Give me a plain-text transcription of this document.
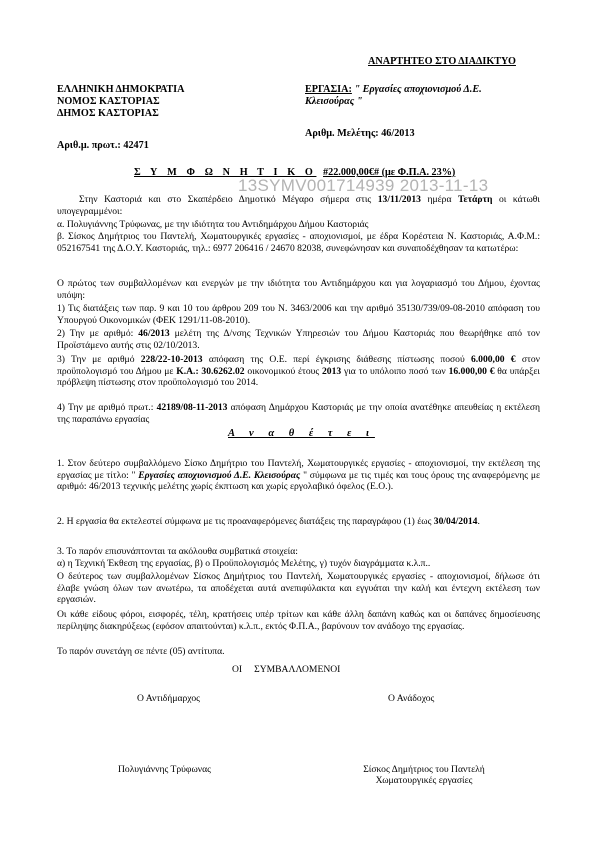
ΑΝΑΡΤΗΤΕΟ ΣΤΟ ΔΙΑΔΙΚΤΥΟ
ΕΛΛΗΝΙΚΗ ΔΗΜΟΚΡΑΤΙΑ
ΝΟΜΟΣ ΚΑΣΤΟΡΙΑΣ
ΔΗΜΟΣ ΚΑΣΤΟΡΙΑΣ
Αριθ.μ. πρωτ.: 42471
ΕΡΓΑΣΙΑ: " Εργασίες αποχιονισμού Δ.Ε.
Κλεισούρας "
Αριθμ. Μελέτης: 46/2013
Σ Υ Μ Φ Ω Ν Η Τ Ι Κ Ο #22.000,00€# (με Φ.Π.Α. 23%)
13SYMV001714939 2013-11-13
Στην Καστοριά και στο Σκαπέρδειο Δημοτικό Μέγαρο σήμερα στις 13/11/2013 ημέρα Τετάρτη οι κάτωθι υπογεγραμμένοι:
α. Πολυγιάννης Τρύφωνας, με την ιδιότητα του Αντιδημάρχου Δήμου Καστοριάς
β. Σίσκος Δημήτριος του Παντελή, Χωματουργικές εργασίες - αποχιονισμοί, με έδρα Κορέστεια Ν. Καστοριάς, Α.Φ.Μ.: 052167541 της Δ.Ο.Υ. Καστοριάς, τηλ.: 6977 206416 / 24670 82038, συνεφώνησαν και συναποδέχθησαν τα κατωτέρω:
Ο πρώτος των συμβαλλομένων και ενεργών με την ιδιότητα του Αντιδημάρχου και για λογαριασμό του Δήμου, έχοντας υπόψη:
1) Τις διατάξεις των παρ. 9 και 10 του άρθρου 209 του Ν. 3463/2006 και την αριθμό 35130/739/09-08-2010 απόφαση του Υπουργού Οικονομικών (ΦΕΚ 1291/11-08-2010).
2) Την με αριθμό: 46/2013 μελέτη της Δ/νσης Τεχνικών Υπηρεσιών του Δήμου Καστοριάς που θεωρήθηκε από τον Προϊστάμενο αυτής στις 02/10/2013.
3) Την με αριθμό 228/22-10-2013 απόφαση της Ο.Ε. περί έγκρισης διάθεσης πίστωσης ποσού 6.000,00 € στον προϋπολογισμό του Δήμου με Κ.Α.: 30.6262.02 οικονομικού έτους 2013 για το υπόλοιπο ποσό των 16.000,00 € θα υπάρξει πρόβλεψη πίστωσης στον προϋπολογισμό του 2014.
4) Την με αριθμό πρωτ.: 42189/08-11-2013 απόφαση Δημάρχου Καστοριάς με την οποία ανατέθηκε απευθείας η εκτέλεση της παραπάνω εργασίας
Α ν α θ έ τ ε ι
1. Στον δεύτερο συμβαλλόμενο Σίσκο Δημήτριο του Παντελή, Χωματουργικές εργασίες - αποχιονισμοί, την εκτέλεση της εργασίας με τίτλο: " Εργασίες αποχιονισμού Δ.Ε. Κλεισούρας " σύμφωνα με τις τιμές και τους όρους της αναφερόμενης με αριθμό: 46/2013 τεχνικής μελέτης χωρίς έκπτωση και χωρίς εργολαβικό όφελος (Ε.Ο.).
2. Η εργασία θα εκτελεστεί σύμφωνα με τις προαναφερόμενες διατάξεις της παραγράφου (1) έως 30/04/2014.
3. Το παρόν επισυνάπτονται τα ακόλουθα συμβατικά στοιχεία:
α) η Τεχνική Έκθεση της εργασίας, β) ο Προϋπολογισμός Μελέτης, γ) τυχόν διαγράμματα κ.λ.π..
Ο δεύτερος των συμβαλλομένων Σίσκος Δημήτριος του Παντελή, Χωματουργικές εργασίες - αποχιονισμοί, δήλωσε ότι έλαβε γνώση όλων των ανωτέρω, τα αποδέχεται αυτά ανεπιφύλακτα και εγγυάται την καλή και έντεχνη εκτέλεση των εργασιών.
Οι κάθε είδους φόροι, εισφορές, τέλη, κρατήσεις υπέρ τρίτων και κάθε άλλη δαπάνη καθώς και οι δαπάνες δημοσίευσης περίληψης διακηρύξεως (εφόσον απαιτούνται) κ.λ.π., εκτός Φ.Π.Α., βαρύνουν τον ανάδοχο της εργασίας.
Το παρόν συνετάγη σε πέντε (05) αντίτυπα.
ΟΙ     ΣΥΜΒΑΛΛΟΜΕΝΟΙ
Ο Αντιδήμαρχος	Ο Ανάδοχος
Πολυγιάννης Τρύφωνας	Σίσκος Δημήτριος του Παντελή
Χωματουργικές εργασίες
